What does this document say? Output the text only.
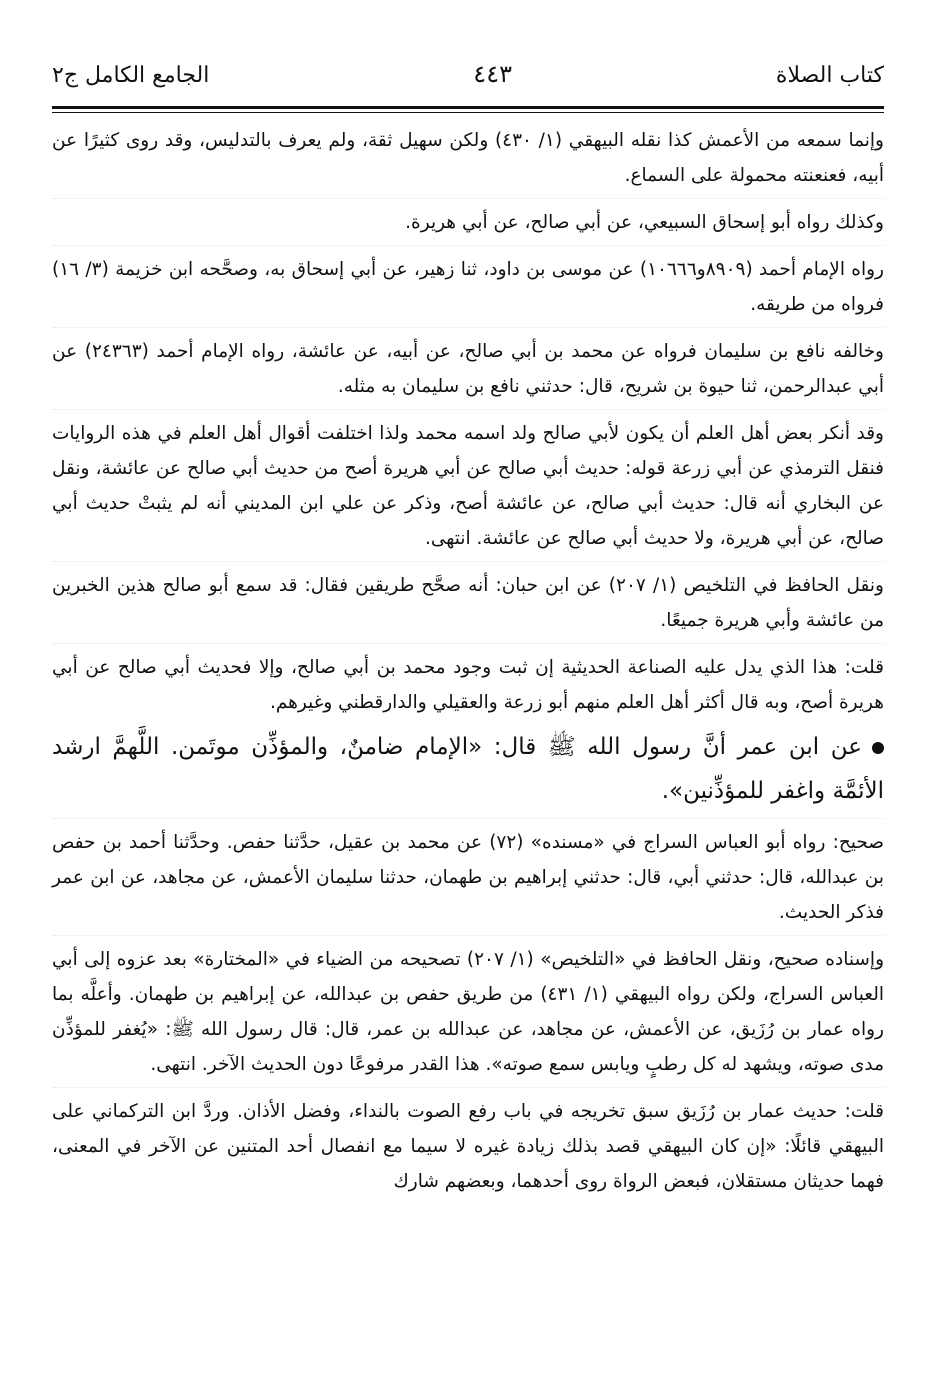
كتاب الصلاة
٤٤٣
الجامع الكامل ج٢

وإنما سمعه من الأعمش كذا نقله البيهقي (١/ ٤٣٠) ولكن سهيل ثقة، ولم يعرف بالتدليس، وقد روى كثيرًا عن أبيه، فعنعنته محمولة على السماع.

وكذلك رواه أبو إسحاق السبيعي، عن أبي صالح، عن أبي هريرة.

رواه الإمام أحمد (٨٩٠٩و١٠٦٦٦) عن موسى بن داود، ثنا زهير، عن أبي إسحاق به، وصحَّحه ابن خزيمة (٣/ ١٦) فرواه من طريقه.

وخالفه نافع بن سليمان فرواه عن محمد بن أبي صالح، عن أبيه، عن عائشة، رواه الإمام أحمد (٢٤٣٦٣) عن أبي عبدالرحمن، ثنا حيوة بن شريح، قال: حدثني نافع بن سليمان به مثله.

وقد أنكر بعض أهل العلم أن يكون لأبي صالح ولد اسمه محمد ولذا اختلفت أقوال أهل العلم في هذه الروايات فنقل الترمذي عن أبي زرعة قوله: حديث أبي صالح عن أبي هريرة أصح من حديث أبي صالح عن عائشة، ونقل عن البخاري أنه قال: حديث أبي صالح، عن عائشة أصح، وذكر عن علي ابن المديني أنه لم يثبتْ حديث أبي صالح، عن أبي هريرة، ولا حديث أبي صالح عن عائشة. انتهى.

ونقل الحافظ في التلخيص (١/ ٢٠٧) عن ابن حبان: أنه صحَّح طريقين فقال: قد سمع أبو صالح هذين الخبرين من عائشة وأبي هريرة جميعًا.

قلت: هذا الذي يدل عليه الصناعة الحديثية إن ثبت وجود محمد بن أبي صالح، وإلا فحديث أبي صالح عن أبي هريرة أصح، وبه قال أكثر أهل العلم منهم أبو زرعة والعقيلي والدارقطني وغيرهم.

عن ابن عمر أنَّ رسول الله ﷺ قال: «الإمام ضامنٌ، والمؤذِّن موتَمن. اللَّهمَّ ارشد الأئمَّة واغفر للمؤذِّنين».

صحيح: رواه أبو العباس السراج في «مسنده» (٧٢) عن محمد بن عقيل، حدَّثنا حفص. وحدَّثنا أحمد بن حفص بن عبدالله، قال: حدثني أبي، قال: حدثني إبراهيم بن طهمان، حدثنا سليمان الأعمش، عن مجاهد، عن ابن عمر فذكر الحديث.

وإسناده صحيح، ونقل الحافظ في «التلخيص» (١/ ٢٠٧) تصحيحه من الضياء في «المختارة» بعد عزوه إلى أبي العباس السراج، ولكن رواه البيهقي (١/ ٤٣١) من طريق حفص بن عبدالله، عن إبراهيم بن طهمان. وأعلَّه بما رواه عمار بن رُزَيق، عن الأعمش، عن مجاهد، عن عبدالله بن عمر، قال: قال رسول الله ﷺ: «يُغفر للمؤذِّن مدى صوته، ويشهد له كل رطبٍ ويابس سمع صوته». هذا القدر مرفوعًا دون الحديث الآخر. انتهى.

قلت: حديث عمار بن رُزَيق سبق تخريجه في باب رفع الصوت بالنداء، وفضل الأذان. وردَّ ابن التركماني على البيهقي قائلًا: «إن كان البيهقي قصد بذلك زيادة غيره لا سيما مع انفصال أحد المتنين عن الآخر في المعنى، فهما حديثان مستقلان، فبعض الرواة روى أحدهما، وبعضهم شارك
